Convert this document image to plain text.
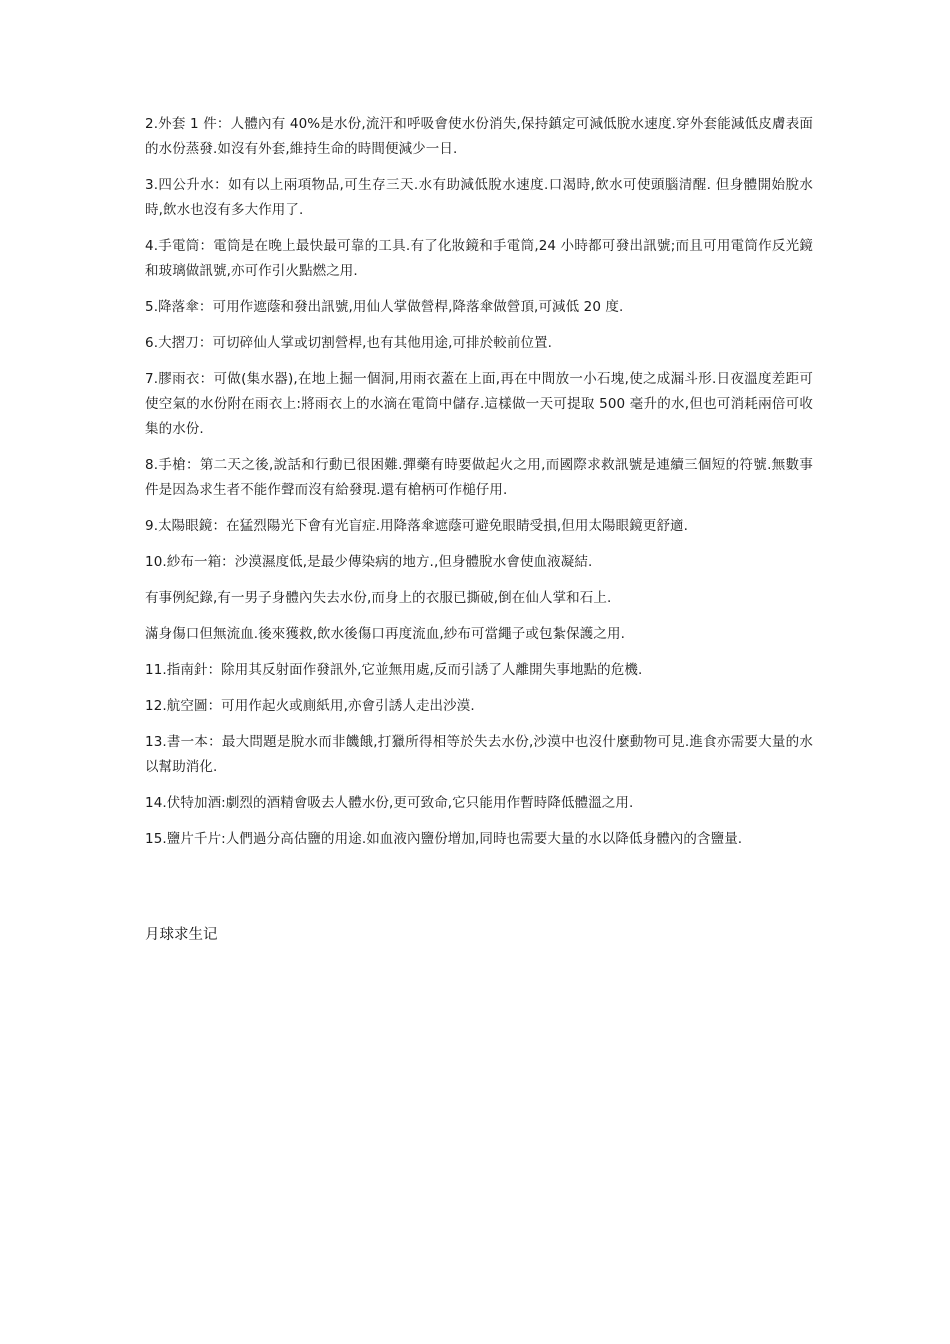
2.外套 1 件：人體內有 40%是水份,流汗和呼吸會使水份消失,保持鎮定可減低脫水速度.穿外套能減低皮膚表面的水份蒸發.如沒有外套,維持生命的時間便減少一日.

3.四公升水：如有以上兩項物品,可生存三天.水有助減低脫水速度.口渴時,飲水可使頭腦清醒. 但身體開始脫水時,飲水也沒有多大作用了.

4.手電筒：電筒是在晚上最快最可靠的工具.有了化妝鏡和手電筒,24 小時都可發出訊號;而且可用電筒作反光鏡和玻璃做訊號,亦可作引火點燃之用.

5.降落傘：可用作遮蔭和發出訊號,用仙人掌做營桿,降落傘做營頂,可減低 20 度.

6.大摺刀：可切碎仙人掌或切割營桿,也有其他用途,可排於較前位置.

7.膠雨衣：可做(集水器),在地上掘一個洞,用雨衣蓋在上面,再在中間放一小石塊,使之成漏斗形.日夜溫度差距可使空氣的水份附在雨衣上:將雨衣上的水滴在電筒中儲存.這樣做一天可提取 500 毫升的水,但也可消耗兩倍可收集的水份.

8.手槍：第二天之後,說話和行動已很困難.彈藥有時要做起火之用,而國際求救訊號是連續三個短的符號.無數事件是因為求生者不能作聲而沒有給發現.還有槍柄可作槌仔用.

9.太陽眼鏡：在猛烈陽光下會有光盲症.用降落傘遮蔭可避免眼睛受損,但用太陽眼鏡更舒適.

10.紗布一箱：沙漠濕度低,是最少傳染病的地方.,但身體脫水會使血液凝結.

有事例紀錄,有一男子身體內失去水份,而身上的衣服已撕破,倒在仙人掌和石上.

滿身傷口但無流血.後來獲救,飲水後傷口再度流血,紗布可當繩子或包紮保護之用.

11.指南針：除用其反射面作發訊外,它並無用處,反而引誘了人離開失事地點的危機.

12.航空圖：可用作起火或廁紙用,亦會引誘人走出沙漠.

13.書一本：最大問題是脫水而非饑餓,打獵所得相等於失去水份,沙漠中也沒什麼動物可見.進食亦需要大量的水以幫助消化.

14.伏特加酒:劇烈的酒精會吸去人體水份,更可致命,它只能用作暫時降低體溫之用.

15.鹽片千片:人們過分高估鹽的用途.如血液內鹽份增加,同時也需要大量的水以降低身體內的含鹽量.

月球求生记
